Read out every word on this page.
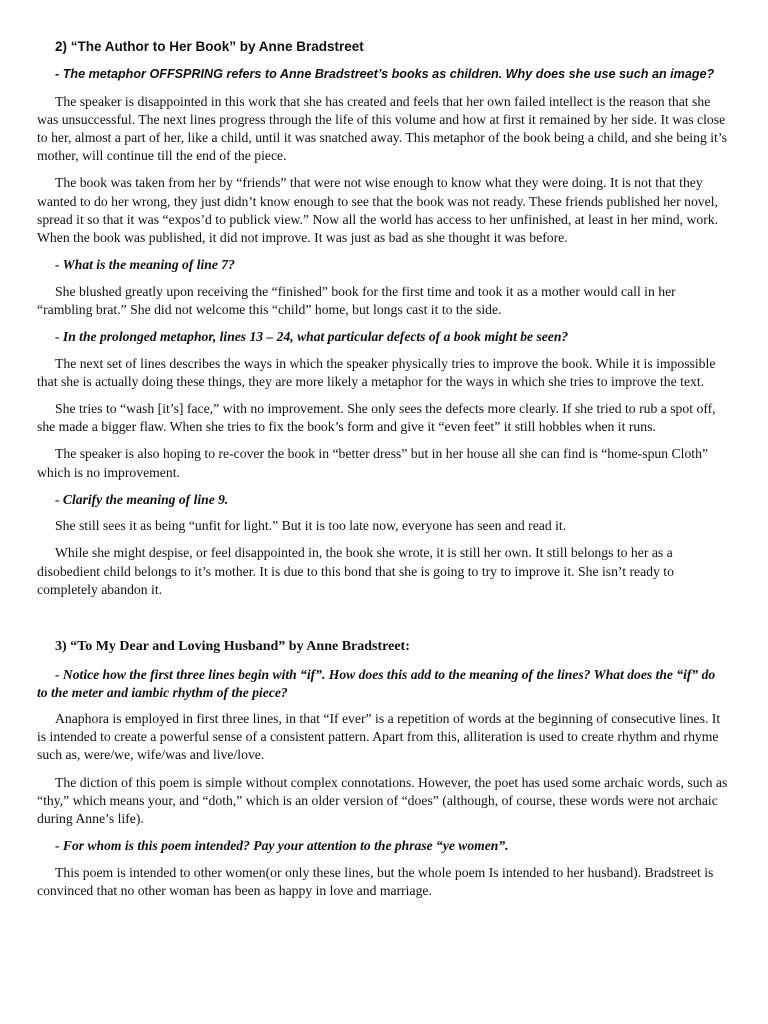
2) “The Author to Her Book” by Anne Bradstreet

- The metaphor OFFSPRING refers to Anne Bradstreet’s books as children. Why does she use such an image?

The speaker is disappointed in this work that she has created and feels that her own failed intellect is the reason that she was unsuccessful. The next lines progress through the life of this volume and how at first it remained by her side. It was close to her, almost a part of her, like a child, until it was snatched away. This metaphor of the book being a child, and she being it’s mother, will continue till the end of the piece.

The book was taken from her by “friends” that were not wise enough to know what they were doing. It is not that they wanted to do her wrong, they just didn’t know enough to see that the book was not ready. These friends published her novel, spread it so that it was “expos’d to publick view.” Now all the world has access to her unfinished, at least in her mind, work. When the book was published, it did not improve. It was just as bad as she thought it was before.

- What is the meaning of line 7?

She blushed greatly upon receiving the “finished” book for the first time and took it as a mother would call in her “rambling brat.” She did not welcome this “child” home, but longs cast it to the side.

- In the prolonged metaphor, lines 13 – 24, what particular defects of a book might be seen?

The next set of lines describes the ways in which the speaker physically tries to improve the book. While it is impossible that she is actually doing these things, they are more likely a metaphor for the ways in which she tries to improve the text.

She tries to “wash [it’s] face,” with no improvement. She only sees the defects more clearly. If she tried to rub a spot off, she made a bigger flaw. When she tries to fix the book’s form and give it “even feet” it still hobbles when it runs.

The speaker is also hoping to re-cover the book in “better dress” but in her house all she can find is “home-spun Cloth” which is no improvement.

- Clarify the meaning of line 9.

She still sees it as being “unfit for light.” But it is too late now, everyone has seen and read it.

While she might despise, or feel disappointed in, the book she wrote, it is still her own. It still belongs to her as a disobedient child belongs to it’s mother. It is due to this bond that she is going to try to improve it. She isn’t ready to completely abandon it.

3) “To My Dear and Loving Husband” by Anne Bradstreet:

- Notice how the first three lines begin with “if”. How does this add to the meaning of the lines? What does the “if” do to the meter and iambic rhythm of the piece?

Anaphora is employed in first three lines, in that “If ever” is a repetition of words at the beginning of consecutive lines. It is intended to create a powerful sense of a consistent pattern. Apart from this, alliteration is used to create rhythm and rhyme such as, were/we, wife/was and live/love.

The diction of this poem is simple without complex connotations. However, the poet has used some archaic words, such as “thy,” which means your, and “doth,” which is an older version of “does” (although, of course, these words were not archaic during Anne’s life).

- For whom is this poem intended? Pay your attention to the phrase “ye women”.

This poem is intended to other women(or only these lines, but the whole poem Is intended to her husband). Bradstreet is convinced that no other woman has been as happy in love and marriage.
